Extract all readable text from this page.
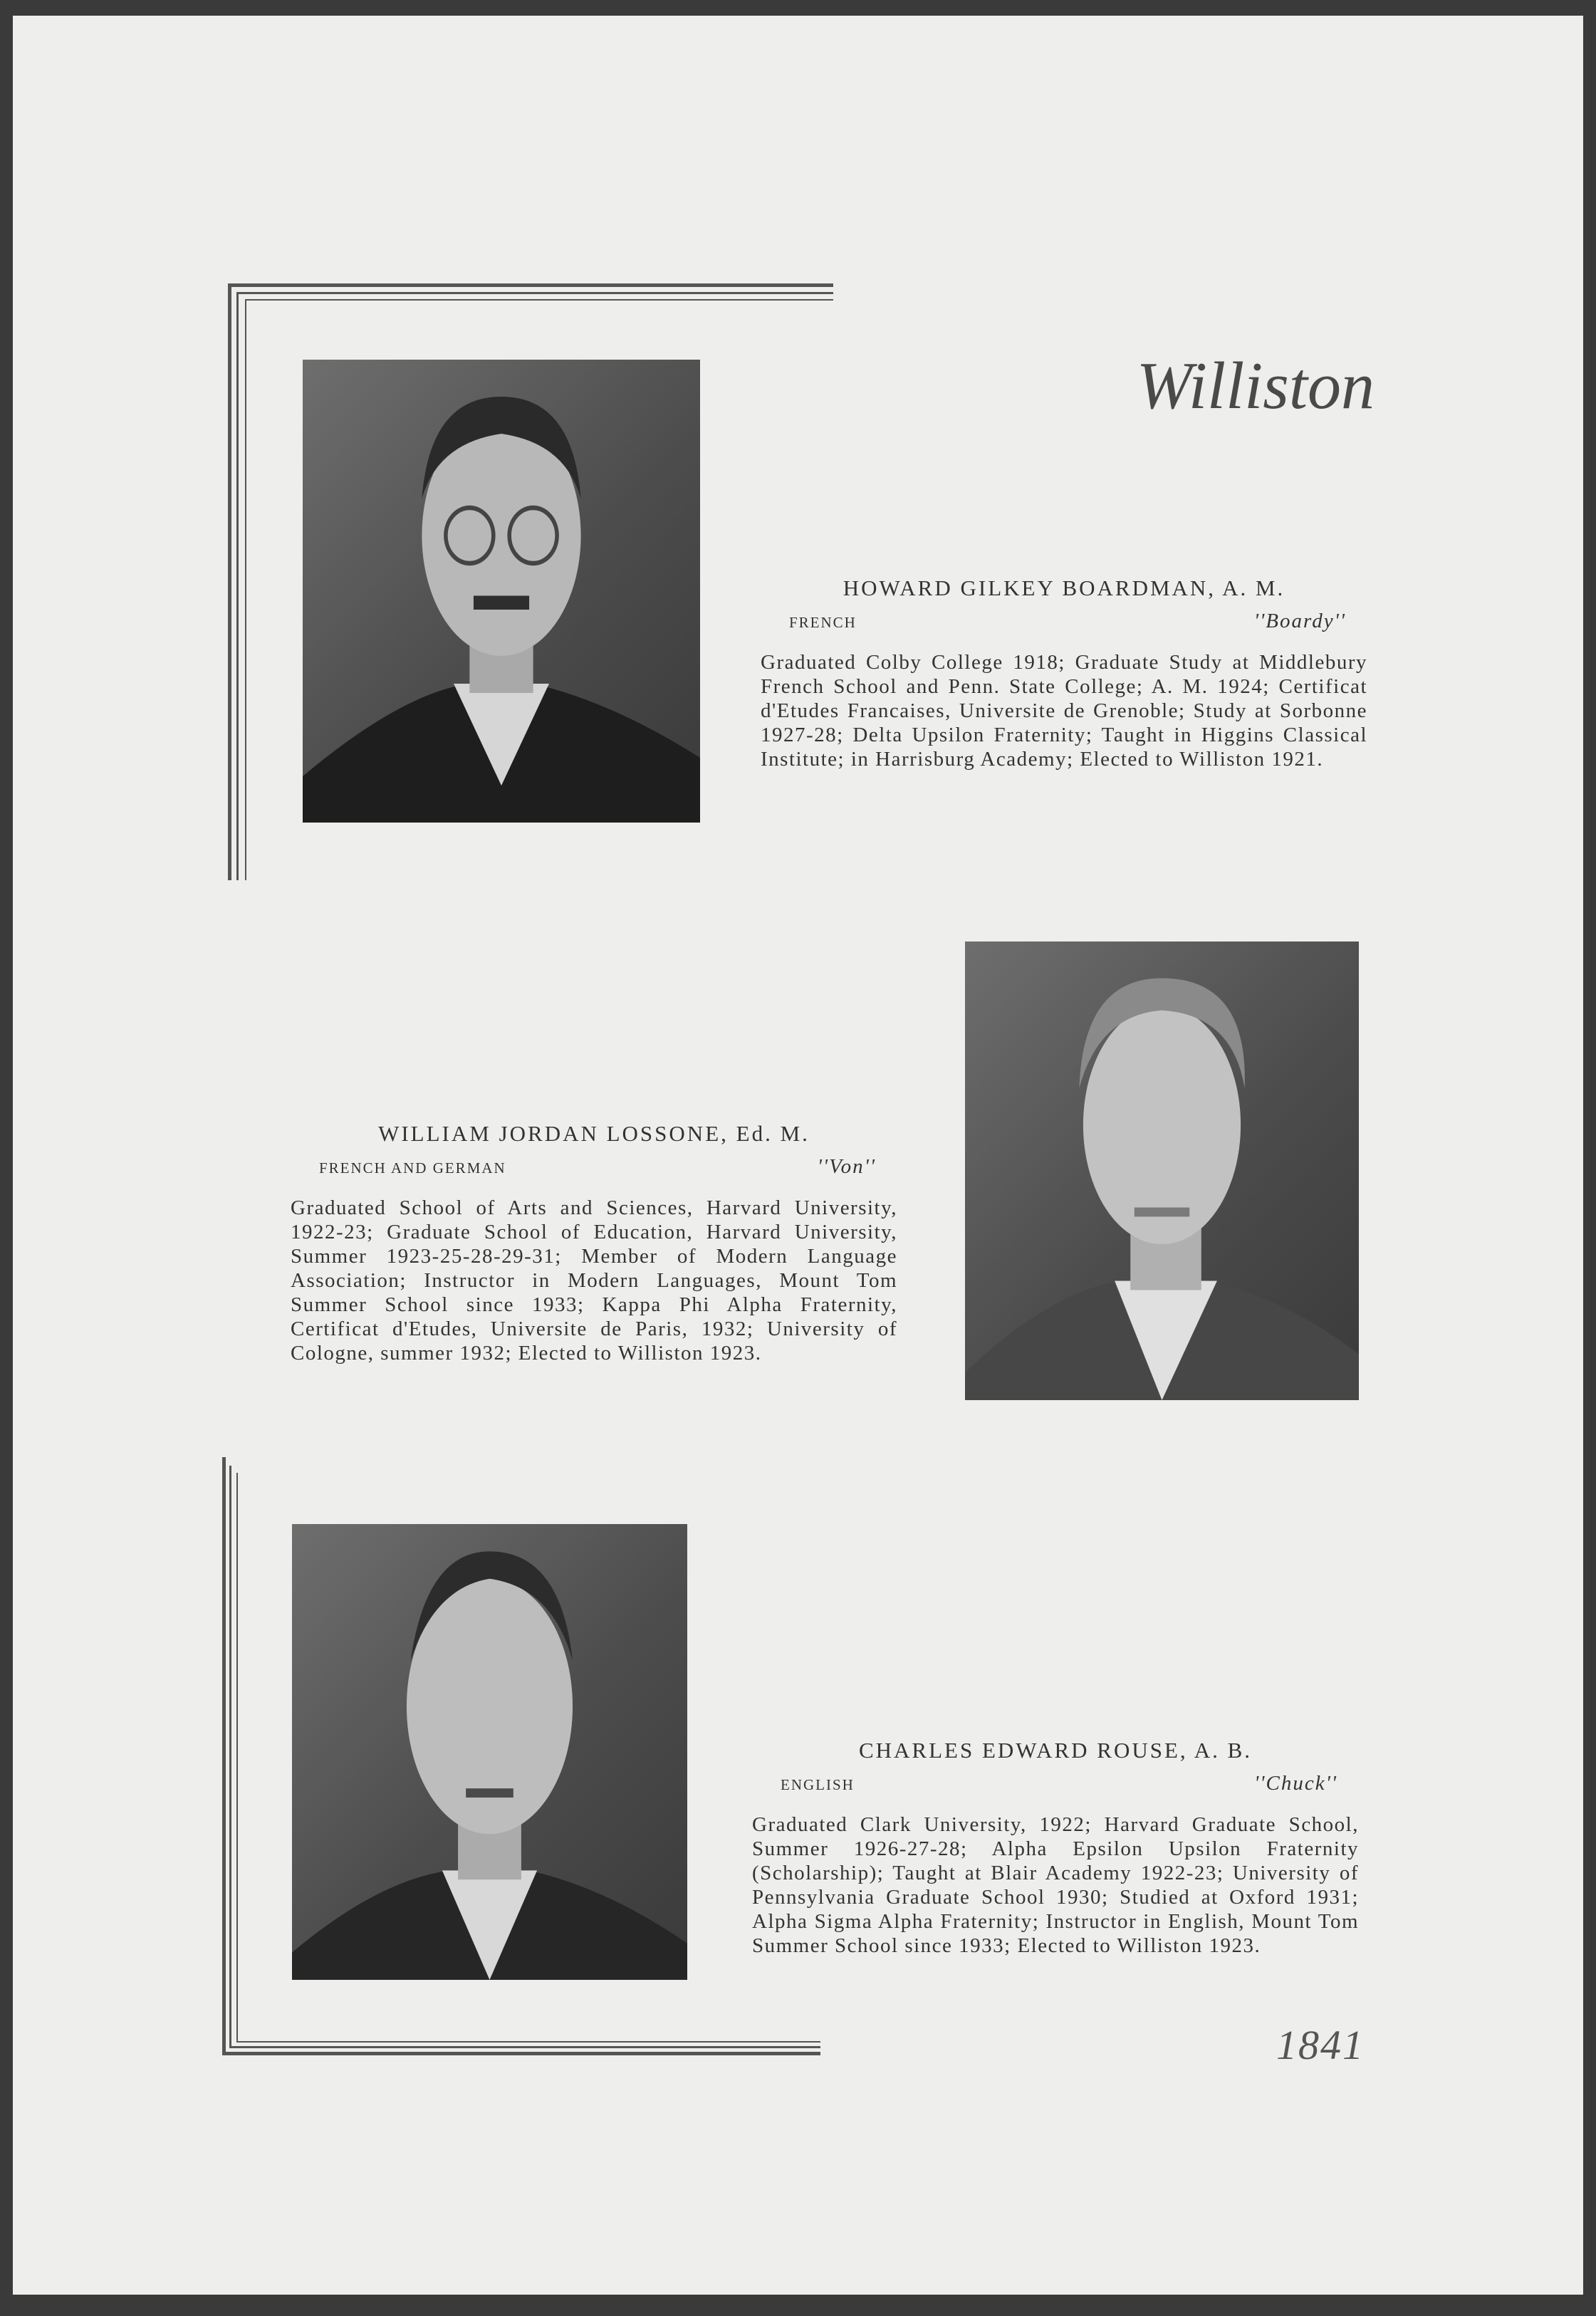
Williston
HOWARD GILKEY BOARDMAN, A. M.
FRENCH	''Boardy''
Graduated Colby College 1918; Graduate Study at Middlebury French School and Penn. State College; A. M. 1924; Certificat d'Etudes Francaises, Universite de Grenoble; Study at Sorbonne 1927-28; Delta Upsilon Fraternity; Taught in Higgins Classical Institute; in Harrisburg Academy; Elected to Williston 1921.
WILLIAM JORDAN LOSSONE, Ed. M.
FRENCH AND GERMAN	''Von''
Graduated School of Arts and Sciences, Harvard University, 1922-23; Graduate School of Education, Harvard University, Summer 1923-25-28-29-31; Member of Modern Language Association; Instructor in Modern Languages, Mount Tom Summer School since 1933; Kappa Phi Alpha Fraternity, Certificat d'Etudes, Universite de Paris, 1932; University of Cologne, summer 1932; Elected to Williston 1923.
CHARLES EDWARD ROUSE, A. B.
ENGLISH	''Chuck''
Graduated Clark University, 1922; Harvard Graduate School, Summer 1926-27-28; Alpha Epsilon Upsilon Fraternity (Scholarship); Taught at Blair Academy 1922-23; University of Pennsylvania Graduate School 1930; Studied at Oxford 1931; Alpha Sigma Alpha Fraternity; Instructor in English, Mount Tom Summer School since 1933; Elected to Williston 1923.
1841
